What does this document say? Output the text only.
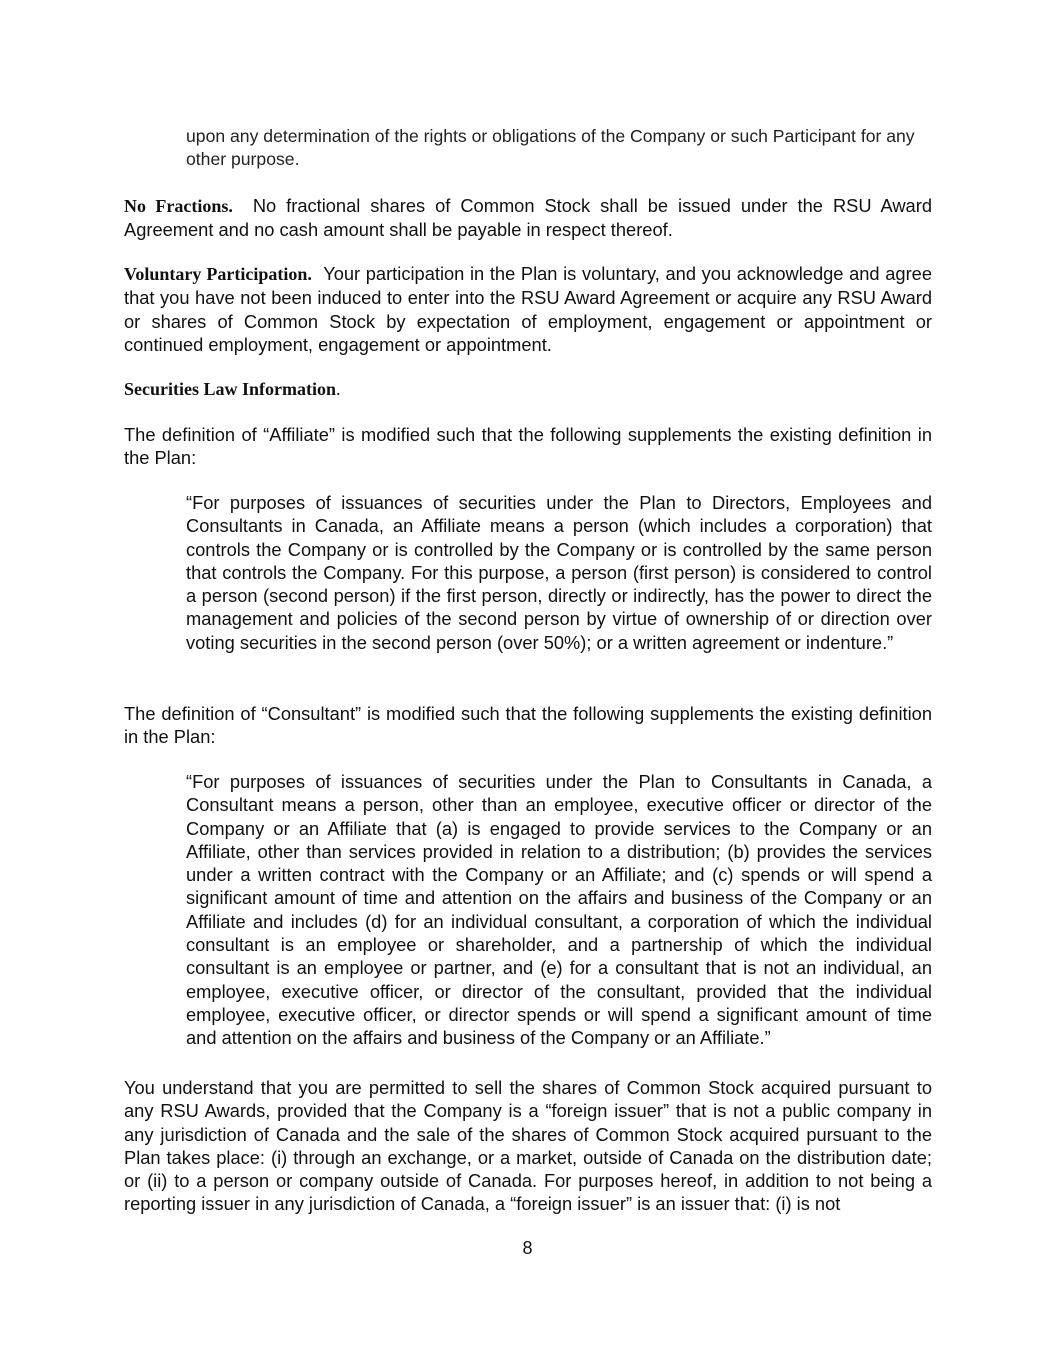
upon any determination of the rights or obligations of the Company or such Participant for any other purpose.

No Fractions. No fractional shares of Common Stock shall be issued under the RSU Award Agreement and no cash amount shall be payable in respect thereof.

Voluntary Participation. Your participation in the Plan is voluntary, and you acknowledge and agree that you have not been induced to enter into the RSU Award Agreement or acquire any RSU Award or shares of Common Stock by expectation of employment, engagement or appointment or continued employment, engagement or appointment.

Securities Law Information.

The definition of “Affiliate” is modified such that the following supplements the existing definition in the Plan:

“For purposes of issuances of securities under the Plan to Directors, Employees and Consultants in Canada, an Affiliate means a person (which includes a corporation) that controls the Company or is controlled by the Company or is controlled by the same person that controls the Company. For this purpose, a person (first person) is considered to control a person (second person) if the first person, directly or indirectly, has the power to direct the management and policies of the second person by virtue of ownership of or direction over voting securities in the second person (over 50%); or a written agreement or indenture.”

The definition of “Consultant” is modified such that the following supplements the existing definition in the Plan:

“For purposes of issuances of securities under the Plan to Consultants in Canada, a Consultant means a person, other than an employee, executive officer or director of the Company or an Affiliate that (a) is engaged to provide services to the Company or an Affiliate, other than services provided in relation to a distribution; (b) provides the services under a written contract with the Company or an Affiliate; and (c) spends or will spend a significant amount of time and attention on the affairs and business of the Company or an Affiliate and includes (d) for an individual consultant, a corporation of which the individual consultant is an employee or shareholder, and a partnership of which the individual consultant is an employee or partner, and (e) for a consultant that is not an individual, an employee, executive officer, or director of the consultant, provided that the individual employee, executive officer, or director spends or will spend a significant amount of time and attention on the affairs and business of the Company or an Affiliate.”

You understand that you are permitted to sell the shares of Common Stock acquired pursuant to any RSU Awards, provided that the Company is a “foreign issuer” that is not a public company in any jurisdiction of Canada and the sale of the shares of Common Stock acquired pursuant to the Plan takes place: (i) through an exchange, or a market, outside of Canada on the distribution date; or (ii) to a person or company outside of Canada. For purposes hereof, in addition to not being a reporting issuer in any jurisdiction of Canada, a “foreign issuer” is an issuer that: (i) is not

8
